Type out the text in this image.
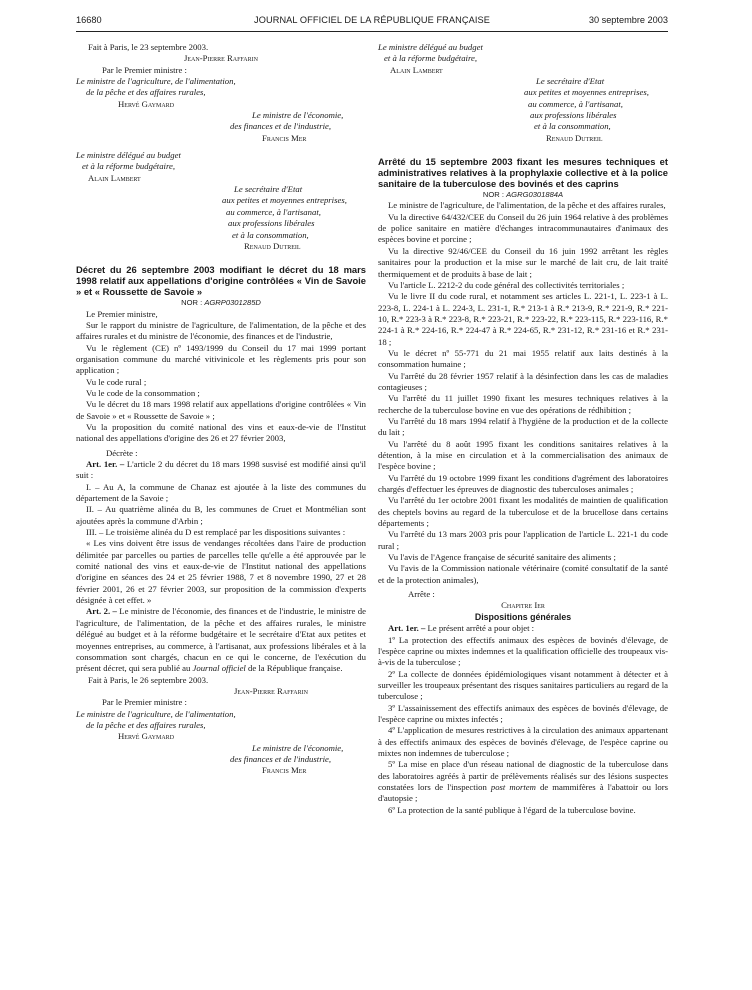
16680	JOURNAL OFFICIEL DE LA RÉPUBLIQUE FRANÇAISE	30 septembre 2003

Fait à Paris, le 23 septembre 2003.

Jean-Pierre Raffarin

Par le Premier ministre :

Le ministre de l'agriculture, de l'alimentation,

de la pêche et des affaires rurales,

Hervé Gaymard

Le ministre de l'économie,

des finances et de l'industrie,

Francis Mer

Le ministre délégué au budget

et à la réforme budgétaire,

Alain Lambert

Le secrétaire d'Etat

aux petites et moyennes entreprises,

au commerce, à l'artisanat,

aux professions libérales

et à la consommation,

Renaud Dutreil

Décret du 26 septembre 2003 modifiant le décret du 18 mars 1998 relatif aux appellations d'origine contrôlées « Vin de Savoie » et « Roussette de Savoie »

NOR : AGRP0301285D

Le Premier ministre,

Sur le rapport du ministre de l'agriculture, de l'alimentation, de la pêche et des affaires rurales et du ministre de l'économie, des finances et de l'industrie,

Vu le règlement (CE) nº 1493/1999 du Conseil du 17 mai 1999 portant organisation commune du marché vitivinicole et les règlements pris pour son application ;

Vu le code rural ;

Vu le code de la consommation ;

Vu le décret du 18 mars 1998 relatif aux appellations d'origine contrôlées « Vin de Savoie » et « Roussette de Savoie » ;

Vu la proposition du comité national des vins et eaux-de-vie de l'Institut national des appellations d'origine des 26 et 27 février 2003,

Décrète :

Art. 1er. – L'article 2 du décret du 18 mars 1998 susvisé est modifié ainsi qu'il suit :

I. – Au A, la commune de Chanaz est ajoutée à la liste des communes du département de la Savoie ;

II. – Au quatrième alinéa du B, les communes de Cruet et Montmélian sont ajoutées après la commune d'Arbin ;

III. – Le troisième alinéa du D est remplacé par les dispositions suivantes :

« Les vins doivent être issus de vendanges récoltées dans l'aire de production délimitée par parcelles ou parties de parcelles telle qu'elle a été approuvée par le comité national des vins et eaux-de-vie de l'Institut national des appellations d'origine en séances des 24 et 25 février 1988, 7 et 8 novembre 1990, 27 et 28 février 2001, 26 et 27 février 2003, sur proposition de la commission d'experts désignée à cet effet. »

Art. 2. – Le ministre de l'économie, des finances et de l'industrie, le ministre de l'agriculture, de l'alimentation, de la pêche et des affaires rurales, le ministre délégué au budget et à la réforme budgétaire et le secrétaire d'Etat aux petites et moyennes entreprises, au commerce, à l'artisanat, aux professions libérales et à la consommation sont chargés, chacun en ce qui le concerne, de l'exécution du présent décret, qui sera publié au Journal officiel de la République française.

Fait à Paris, le 26 septembre 2003.

Jean-Pierre Raffarin

Par le Premier ministre :

Le ministre de l'agriculture, de l'alimentation,

de la pêche et des affaires rurales,

Hervé Gaymard

Le ministre de l'économie,

des finances et de l'industrie,

Francis Mer

Le ministre délégué au budget

et à la réforme budgétaire,

Alain Lambert

Le secrétaire d'Etat

aux petites et moyennes entreprises,

au commerce, à l'artisanat,

aux professions libérales

et à la consommation,

Renaud Dutreil

Arrêté du 15 septembre 2003 fixant les mesures techniques et administratives relatives à la prophylaxie collective et à la police sanitaire de la tuberculose des bovinés et des caprins

NOR : AGRG0301884A

Le ministre de l'agriculture, de l'alimentation, de la pêche et des affaires rurales,

Vu la directive 64/432/CEE du Conseil du 26 juin 1964 relative à des problèmes de police sanitaire en matière d'échanges intracommunautaires d'animaux des espèces bovine et porcine ;

Vu la directive 92/46/CEE du Conseil du 16 juin 1992 arrêtant les règles sanitaires pour la production et la mise sur le marché de lait cru, de lait traité thermiquement et de produits à base de lait ;

Vu l'article L. 2212-2 du code général des collectivités territoriales ;

Vu le livre II du code rural, et notamment ses articles L. 221-1, L. 223-1 à L. 223-8, L. 224-1 à L. 224-3, L. 231-1, R.* 213-1 à R.* 213-9, R.* 221-9, R.* 221-10, R.* 223-3 à R.* 223-8, R.* 223-21, R.* 223-22, R.* 223-115, R.* 223-116, R.* 224-1 à R.* 224-16, R.* 224-47 à R.* 224-65, R.* 231-12, R.* 231-16 et R.* 231-18 ;

Vu le décret nº 55-771 du 21 mai 1955 relatif aux laits destinés à la consommation humaine ;

Vu l'arrêté du 28 février 1957 relatif à la désinfection dans les cas de maladies contagieuses ;

Vu l'arrêté du 11 juillet 1990 fixant les mesures techniques relatives à la recherche de la tuberculose bovine en vue des opérations de rédhibition ;

Vu l'arrêté du 18 mars 1994 relatif à l'hygiène de la production et de la collecte du lait ;

Vu l'arrêté du 8 août 1995 fixant les conditions sanitaires relatives à la détention, à la mise en circulation et à la commercialisation des animaux de l'espèce bovine ;

Vu l'arrêté du 19 octobre 1999 fixant les conditions d'agrément des laboratoires chargés d'effectuer les épreuves de diagnostic des tuberculoses animales ;

Vu l'arrêté du 1er octobre 2001 fixant les modalités de maintien de qualification des cheptels bovins au regard de la tuberculose et de la brucellose dans certains départements ;

Vu l'arrêté du 13 mars 2003 pris pour l'application de l'article L. 221-1 du code rural ;

Vu l'avis de l'Agence française de sécurité sanitaire des aliments ;

Vu l'avis de la Commission nationale vétérinaire (comité consultatif de la santé et de la protection animales),

Arrête :

Chapitre Ier

Dispositions générales

Art. 1er. – Le présent arrêté a pour objet :

1º La protection des effectifs animaux des espèces de bovinés d'élevage, de l'espèce caprine ou mixtes indemnes et la qualification officielle des troupeaux vis-à-vis de la tuberculose ;

2º La collecte de données épidémiologiques visant notamment à détecter et à surveiller les troupeaux présentant des risques sanitaires particuliers au regard de la tuberculose ;

3º L'assainissement des effectifs animaux des espèces de bovinés d'élevage, de l'espèce caprine ou mixtes infectés ;

4º L'application de mesures restrictives à la circulation des animaux appartenant à des effectifs animaux des espèces de bovinés d'élevage, de l'espèce caprine ou mixtes non indemnes de tuberculose ;

5º La mise en place d'un réseau national de diagnostic de la tuberculose dans des laboratoires agréés à partir de prélèvements réalisés sur des lésions suspectes constatées lors de l'inspection post mortem de mammifères à l'abattoir ou lors d'autopsie ;

6º La protection de la santé publique à l'égard de la tuberculose bovine.
